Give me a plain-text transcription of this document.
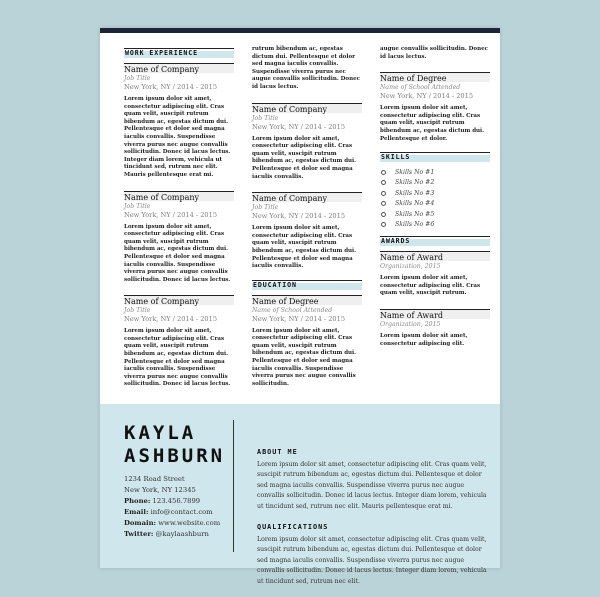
WORK EXPERIENCE
Name of Company
Job Title
New York, NY / 2014 - 2015
Lorem ipsum dolor sit amet, consectetur adipiscing elit. Cras quam velit, suscipit rutrum bibendum ac, egestas dictum dui. Pellentesque et dolor sed magna iaculis convallis. Suspendisse viverra purus nec augue convallis sollicitudin. Donec id lacus lectus. Integer diam lorem, vehicula ut tincidunt sed, rutrum nec elit. Mauris pellentesque erat mi.
Name of Company
Job Title
New York, NY / 2014 - 2015
Lorem ipsum dolor sit amet, consectetur adipiscing elit. Cras quam velit, suscipit rutrum bibendum ac, egestas dictum dui. Pellentesque et dolor sed magna iaculis convallis. Suspendisse viverra purus nec augue convallis sollicitudin. Donec id lacus lectus.
Name of Company
Job Title
New York, NY / 2014 - 2015
Lorem ipsum dolor sit amet, consectetur adipiscing elit. Cras quam velit, suscipit rutrum bibendum ac, egestas dictum dui. Pellentesque et dolor sed magna iaculis convallis. Suspendisse viverra purus nec augue convallis sollicitudin. Donec id lacus lectus.
rutrum bibendum ac, egestas dictum dui. Pellentesque et dolor sed magna iaculis convallis. Suspendisse viverra purus nec augue convallis sollicitudin. Donec id lacus lectus.
Name of Company
Job Title
New York, NY / 2014 - 2015
Lorem ipsum dolor sit amet, consectetur adipiscing elit. Cras quam velit, suscipit rutrum bibendum ac, egestas dictum dui. Pellentesque et dolor sed magna iaculis convallis.
Name of Company
Job Title
New York, NY / 2014 - 2015
Lorem ipsum dolor sit amet, consectetur adipiscing elit. Cras quam velit, suscipit rutrum bibendum ac, egestas dictum dui. Pellentesque et dolor sed magna iaculis convallis.
EDUCATION
Name of Degree
Name of School Attended
New York, NY / 2014 - 2015
Lorem ipsum dolor sit amet, consectetur adipiscing elit. Cras quam velit, suscipit rutrum bibendum ac, egestas dictum dui. Pellentesque et dolor sed magna iaculis convallis. Suspendisse viverra purus nec augue convallis sollicitudin.
augue convallis sollicitudin. Donec id lacus lectus.
Name of Degree
Name of School Attended
New York, NY / 2014 - 2015
Lorem ipsum dolor sit amet, consectetur adipiscing elit. Cras quam velit, suscipit rutrum bibendum ac, egestas dictum dui. Pellentesque et dolor.
SKILLS
Skills No #1
Skills No #2
Skills No #3
Skills No #4
Skills No #5
Skills No #6
AWARDS
Name of Award
Organization, 2015
Lorem ipsum dolor sit amet, consectetur adipiscing elit. Cras quam velit, suscipit rutrum.
Name of Award
Organization, 2015
Lorem ipsum dolor sit amet, consectetur adipiscing elit.
KAYLA
ASHBURN
1234 Road Street
New York, NY 12345
Phone: 123.456.7899
Email: info@contact.com
Domain: www.website.com
Twitter: @kaylaashburn
ABOUT ME
Lorem ipsum dolor sit amet, consectetur adipiscing elit. Cras quam velit, suscipit rutrum bibendum ac, egestas dictum dui. Pellentesque et dolor sed magna iaculis convallis. Suspendisse viverra purus nec augue convallis sollicitudin. Donec id lacus lectus. Integer diam lorem, vehicula ut tincidunt sed, rutrum nec elit. Mauris pellentesque erat mi.
QUALIFICATIONS
Lorem ipsum dolor sit amet, consectetur adipiscing elit. Cras quam velit, suscipit rutrum bibendum ac, egestas dictum dui. Pellentesque et dolor sed magna iaculis convallis. Suspendisse viverra purus nec augue convallis sollicitudin. Donec id lacus lectus. Integer diam lorem, vehicula ut tincidunt sed, rutrum nec elit.
